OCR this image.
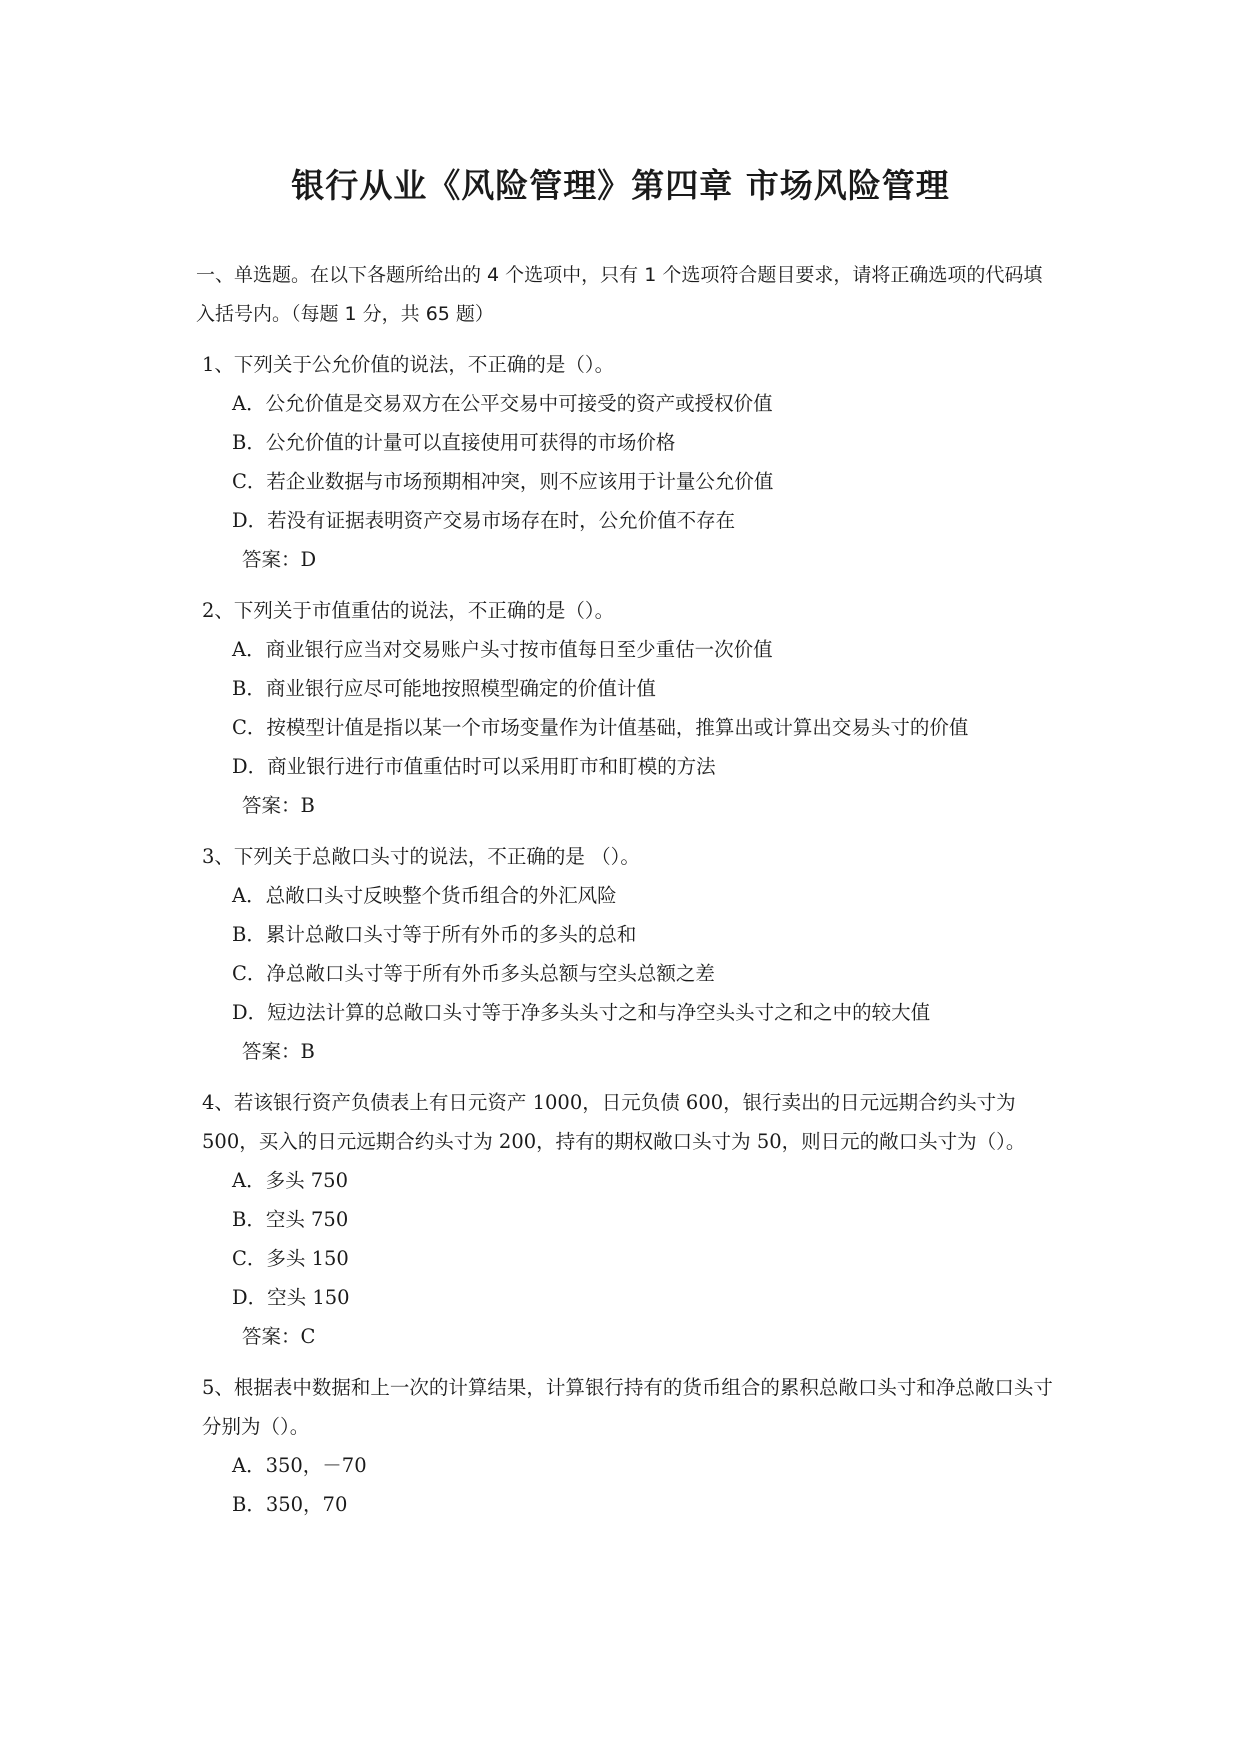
银行从业《风险管理》第四章 市场风险管理

一、单选题。在以下各题所给出的 4 个选项中，只有 1 个选项符合题目要求，请将正确选项的代码填入括号内。（每题 1 分，共 65 题）

1、下列关于公允价值的说法，不正确的是（）。

A．公允价值是交易双方在公平交易中可接受的资产或授权价值

B．公允价值的计量可以直接使用可获得的市场价格

C．若企业数据与市场预期相冲突，则不应该用于计量公允价值

D．若没有证据表明资产交易市场存在时，公允价值不存在

答案：D

2、下列关于市值重估的说法，不正确的是（）。

A．商业银行应当对交易账户头寸按市值每日至少重估一次价值

B．商业银行应尽可能地按照模型确定的价值计值

C．按模型计值是指以某一个市场变量作为计值基础，推算出或计算出交易头寸的价值

D．商业银行进行市值重估时可以采用盯市和盯模的方法

答案：B

3、下列关于总敞口头寸的说法，不正确的是 （）。

A．总敞口头寸反映整个货币组合的外汇风险

B．累计总敞口头寸等于所有外币的多头的总和

C．净总敞口头寸等于所有外币多头总额与空头总额之差

D．短边法计算的总敞口头寸等于净多头头寸之和与净空头头寸之和之中的较大值

答案：B

4、若该银行资产负债表上有日元资产 1000，日元负债 600，银行卖出的日元远期合约头寸为 500，买入的日元远期合约头寸为 200，持有的期权敞口头寸为 50，则日元的敞口头寸为（）。

A．多头 750

B．空头 750

C．多头 150

D．空头 150

答案：C

5、根据表中数据和上一次的计算结果，计算银行持有的货币组合的累积总敞口头寸和净总敞口头寸分别为（）。

A．350，－70

B．350，70
